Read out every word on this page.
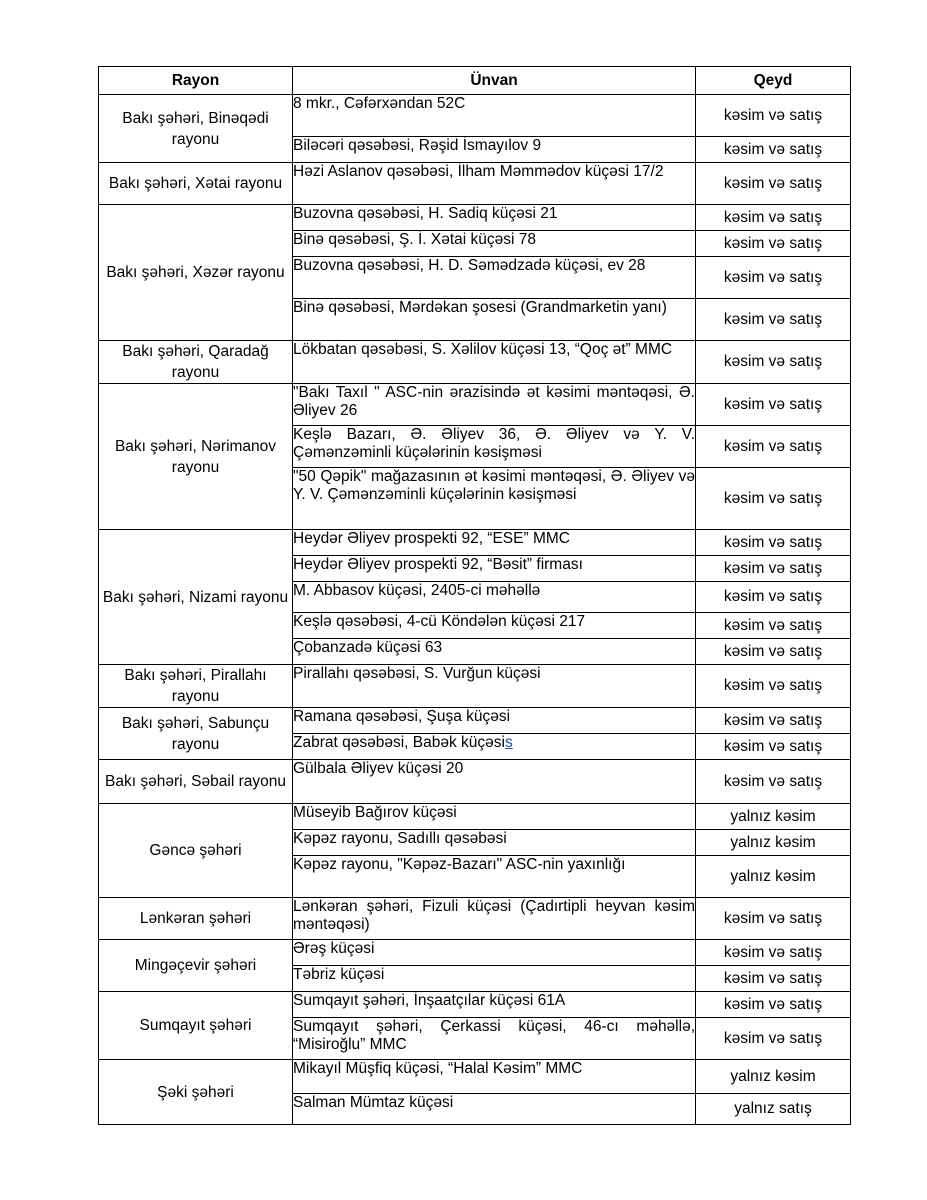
Rayon	Ünvan	Qeyd
Bakı şəhəri, Binəqədi rayonu	8 mkr., Cəfərxəndan 52C	kəsim və satış
	Biləcəri qəsəbəsi, Rəşid İsmayılov 9	kəsim və satış
Bakı şəhəri, Xətai rayonu	Həzi Aslanov qəsəbəsi, İlham Məmmədov küçəsi 17/2	kəsim və satış
Bakı şəhəri, Xəzər rayonu	Buzovna qəsəbəsi, H. Sadiq küçəsi 21	kəsim və satış
	Binə qəsəbəsi, Ş. İ. Xətai küçəsi 78	kəsim və satış
	Buzovna qəsəbəsi, H. D. Səmədzadə küçəsi, ev 28	kəsim və satış
	Binə qəsəbəsi, Mərdəkan şosesi (Grandmarketin yanı)	kəsim və satış
Bakı şəhəri, Qaradağ rayonu	Lökbatan qəsəbəsi, S. Xəlilov küçəsi 13, “Qoç ət” MMC	kəsim və satış
Bakı şəhəri, Nərimanov rayonu	"Bakı Taxıl " ASC-nin ərazisində ət kəsimi məntəqəsi, Ə. Əliyev 26	kəsim və satış
	Keşlə Bazarı, Ə. Əliyev 36, Ə. Əliyev və Y. V. Çəmənzəminli küçələrinin kəsişməsi	kəsim və satış
	"50 Qəpik" mağazasının ət kəsimi məntəqəsi, Ə. Əliyev və Y. V. Çəmənzəminli küçələrinin kəsişməsi	kəsim və satış
Bakı şəhəri, Nizami rayonu	Heydər Əliyev prospekti 92, “ESE” MMC	kəsim və satış
	Heydər Əliyev prospekti 92, “Bəsit” firması	kəsim və satış
	M. Abbasov küçəsi, 2405-ci məhəllə	kəsim və satış
	Keşlə qəsəbəsi, 4-cü Köndələn küçəsi 217	kəsim və satış
	Çobanzadə küçəsi 63	kəsim və satış
Bakı şəhəri, Pirallahı rayonu	Pirallahı qəsəbəsi, S. Vurğun küçəsi	kəsim və satış
Bakı şəhəri, Sabunçu rayonu	Ramana qəsəbəsi, Şuşa küçəsi	kəsim və satış
	Zabrat qəsəbəsi, Babək küçəsis	kəsim və satış
Bakı şəhəri, Səbail rayonu	Gülbala Əliyev küçəsi 20	kəsim və satış
Gəncə şəhəri	Müseyib Bağırov küçəsi	yalnız kəsim
	Kəpəz rayonu, Sadıllı qəsəbəsi	yalnız kəsim
	Kəpəz rayonu, "Kəpəz-Bazarı" ASC-nin yaxınlığı	yalnız kəsim
Lənkəran şəhəri	Lənkəran şəhəri, Fizuli küçəsi (Çadırtipli heyvan kəsim məntəqəsi)	kəsim və satış
Mingəçevir şəhəri	Ərəş küçəsi	kəsim və satış
	Təbriz küçəsi	kəsim və satış
Sumqayıt şəhəri	Sumqayıt şəhəri, İnşaatçılar küçəsi 61A	kəsim və satış
	Sumqayıt şəhəri, Çerkassi küçəsi, 46-cı məhəllə, “Misiroğlu” MMC	kəsim və satış
Şəki şəhəri	Mikayıl Müşfiq küçəsi, “Halal Kəsim” MMC	yalnız kəsim
	Salman Mümtaz küçəsi	yalnız satış
